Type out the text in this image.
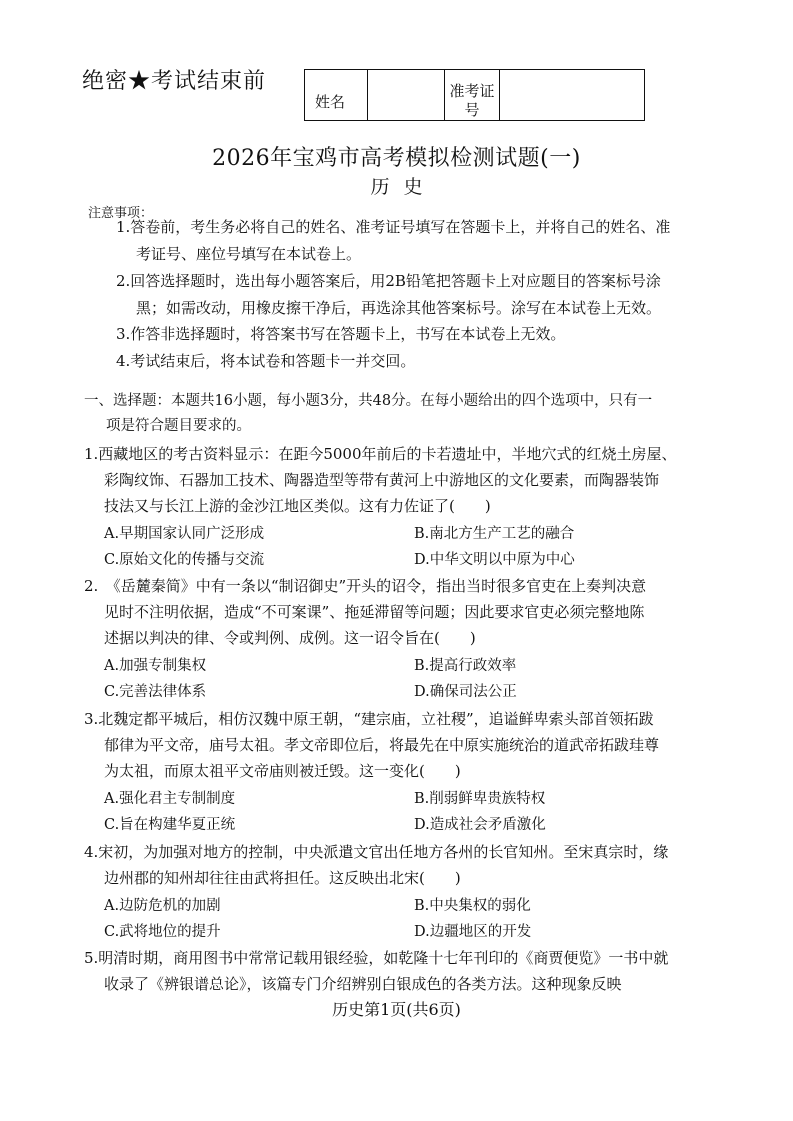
绝密★考试结束前
姓名		准考证
号	
2026年宝鸡市高考模拟检测试题(一)
历史
注意事项：
1.答卷前，考生务必将自己的姓名、准考证号填写在答题卡上，并将自己的姓名、准
考证号、座位号填写在本试卷上。
2.回答选择题时，选出每小题答案后，用2B铅笔把答题卡上对应题目的答案标号涂
黑；如需改动，用橡皮擦干净后，再选涂其他答案标号。涂写在本试卷上无效。
3.作答非选择题时，将答案书写在答题卡上，书写在本试卷上无效。
4.考试结束后，将本试卷和答题卡一并交回。
一、选择题：本题共16小题，每小题3分，共48分。在每小题给出的四个选项中，只有一
项是符合题目要求的。
1.西藏地区的考古资料显示：在距今5000年前后的卡若遗址中，半地穴式的红烧土房屋、
彩陶纹饰、石器加工技术、陶器造型等带有黄河上中游地区的文化要素，而陶器装饰
技法又与长江上游的金沙江地区类似。这有力佐证了(　　)
A.早期国家认同广泛形成	B.南北方生产工艺的融合
C.原始文化的传播与交流	D.中华文明以中原为中心
2.　《岳麓秦简》中有一条以“制诏御史”开头的诏令，指出当时很多官吏在上奏判决意
见时不注明依据，造成“不可案课”、拖延滞留等问题；因此要求官吏必须完整地陈
述据以判决的律、令或判例、成例。这一诏令旨在(　　)
A.加强专制集权	B.提高行政效率
C.完善法律体系	D.确保司法公正
3.北魏定都平城后，相仿汉魏中原王朝，“建宗庙，立社稷”，追谥鲜卑索头部首领拓跋
郁律为平文帝，庙号太祖。孝文帝即位后，将最先在中原实施统治的道武帝拓跋珪尊
为太祖，而原太祖平文帝庙则被迁毁。这一变化(　　)
A.强化君主专制制度	B.削弱鲜卑贵族特权
C.旨在构建华夏正统	D.造成社会矛盾激化
4.宋初，为加强对地方的控制，中央派遣文官出任地方各州的长官知州。至宋真宗时，缘
边州郡的知州却往往由武将担任。这反映出北宋(　　)
A.边防危机的加剧	B.中央集权的弱化
C.武将地位的提升	D.边疆地区的开发
5.明清时期，商用图书中常常记载用银经验，如乾隆十七年刊印的《商贾便览》一书中就
收录了《辨银谱总论》，该篇专门介绍辨别白银成色的各类方法。这种现象反映
历史第1页(共6页)
